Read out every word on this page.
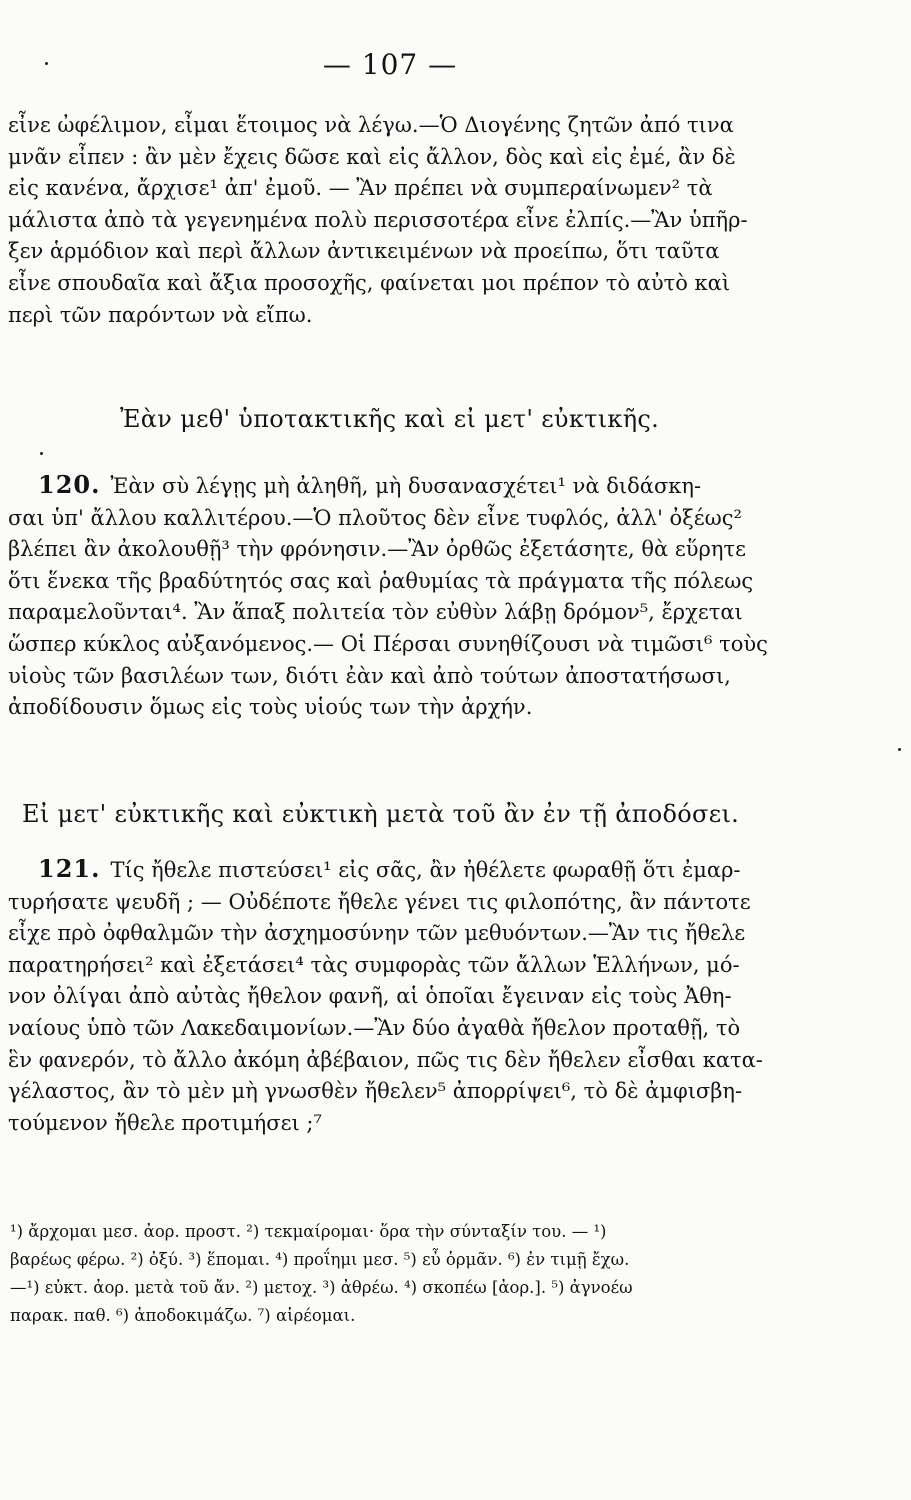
— 107 —
εἶνε ὠφέλιμον, εἶμαι ἕτοιμος νὰ λέγω.—Ὁ Διογένης ζητῶν ἀπό τινα
μνᾶν εἶπεν : ἂν μὲν ἔχεις δῶσε καὶ εἰς ἄλλον, δὸς καὶ εἰς ἐμέ, ἂν δὲ
εἰς κανένα, ἄρχισε¹ ἀπ' ἐμοῦ. — Ἂν πρέπει νὰ συμπεραίνωμεν² τὰ
μάλιστα ἀπὸ τὰ γεγενημένα πολὺ περισσοτέρα εἶνε ἐλπίς.—Ἂν ὑπῆρ-
ξεν ἁρμόδιον καὶ περὶ ἄλλων ἀντικειμένων νὰ προείπω, ὅτι ταῦτα
εἶνε σπουδαῖα καὶ ἄξια προσοχῆς, φαίνεται μοι πρέπον τὸ αὐτὸ καὶ
περὶ τῶν παρόντων νὰ εἴπω.
Ἐὰν μεθ' ὑποτακτικῆς καὶ εἰ μετ' εὐκτικῆς.
120. Ἐὰν σὺ λέγῃς μὴ ἀληθῆ, μὴ δυσανασχέτει¹ νὰ διδάσκη-
σαι ὑπ' ἄλλου καλλιτέρου.—Ὁ πλοῦτος δὲν εἶνε τυφλός, ἀλλ' ὀξέως²
βλέπει ἂν ἀκολουθῇ³ τὴν φρόνησιν.—Ἂν ὀρθῶς ἐξετάσητε, θὰ εὕρητε
ὅτι ἕνεκα τῆς βραδύτητός σας καὶ ῥαθυμίας τὰ πράγματα τῆς πόλεως
παραμελοῦνται⁴. Ἂν ἅπαξ πολιτεία τὸν εὐθὺν λάβῃ δρόμον⁵, ἔρχεται
ὥσπερ κύκλος αὐξανόμενος.— Οἱ Πέρσαι συνηθίζουσι νὰ τιμῶσι⁶ τοὺς
υἱοὺς τῶν βασιλέων των, διότι ἐὰν καὶ ἀπὸ τούτων ἀποστατήσωσι,
ἀποδίδουσιν ὅμως εἰς τοὺς υἱούς των τὴν ἀρχήν.
Εἰ μετ' εὐκτικῆς καὶ εὐκτικὴ μετὰ τοῦ ἂν ἐν τῇ ἀποδόσει.
121. Τίς ἤθελε πιστεύσει¹ εἰς σᾶς, ἂν ἠθέλετε φωραθῇ ὅτι ἐμαρ-
τυρήσατε ψευδῆ ; — Οὐδέποτε ἤθελε γένει τις φιλοπότης, ἂν πάντοτε
εἶχε πρὸ ὀφθαλμῶν τὴν ἀσχημοσύνην τῶν μεθυόντων.—Ἂν τις ἤθελε
παρατηρήσει² καὶ ἐξετάσει⁴ τὰς συμφορὰς τῶν ἄλλων Ἑλλήνων, μό-
νον ὀλίγαι ἀπὸ αὐτὰς ἤθελον φανῆ, αἱ ὁποῖαι ἔγειναν εἰς τοὺς Ἀθη-
ναίους ὑπὸ τῶν Λακεδαιμονίων.—Ἂν δύο ἀγαθὰ ἤθελον προταθῇ, τὸ
ἓν φανερόν, τὸ ἄλλο ἀκόμη ἀβέβαιον, πῶς τις δὲν ἤθελεν εἶσθαι κατα-
γέλαστος, ἂν τὸ μὲν μὴ γνωσθὲν ἤθελεν⁵ ἀπορρίψει⁶, τὸ δὲ ἀμφισβη-
τούμενον ἤθελε προτιμήσει ;⁷
¹) ἄρχομαι μεσ. ἀορ. προστ. ²) τεκμαίρομαι· ὅρα τὴν σύνταξίν του. — ¹)
βαρέως φέρω. ²) ὀξύ. ³) ἕπομαι. ⁴) προΐημι μεσ. ⁵) εὖ ὁρμᾶν. ⁶) ἐν τιμῇ ἔχω.
—¹) εὐκτ. ἀορ. μετὰ τοῦ ἄν. ²) μετοχ. ³) ἀθρέω. ⁴) σκοπέω [ἀορ.]. ⁵) ἀγνοέω
παρακ. παθ. ⁶) ἀποδοκιμάζω. ⁷) αἱρέομαι.
